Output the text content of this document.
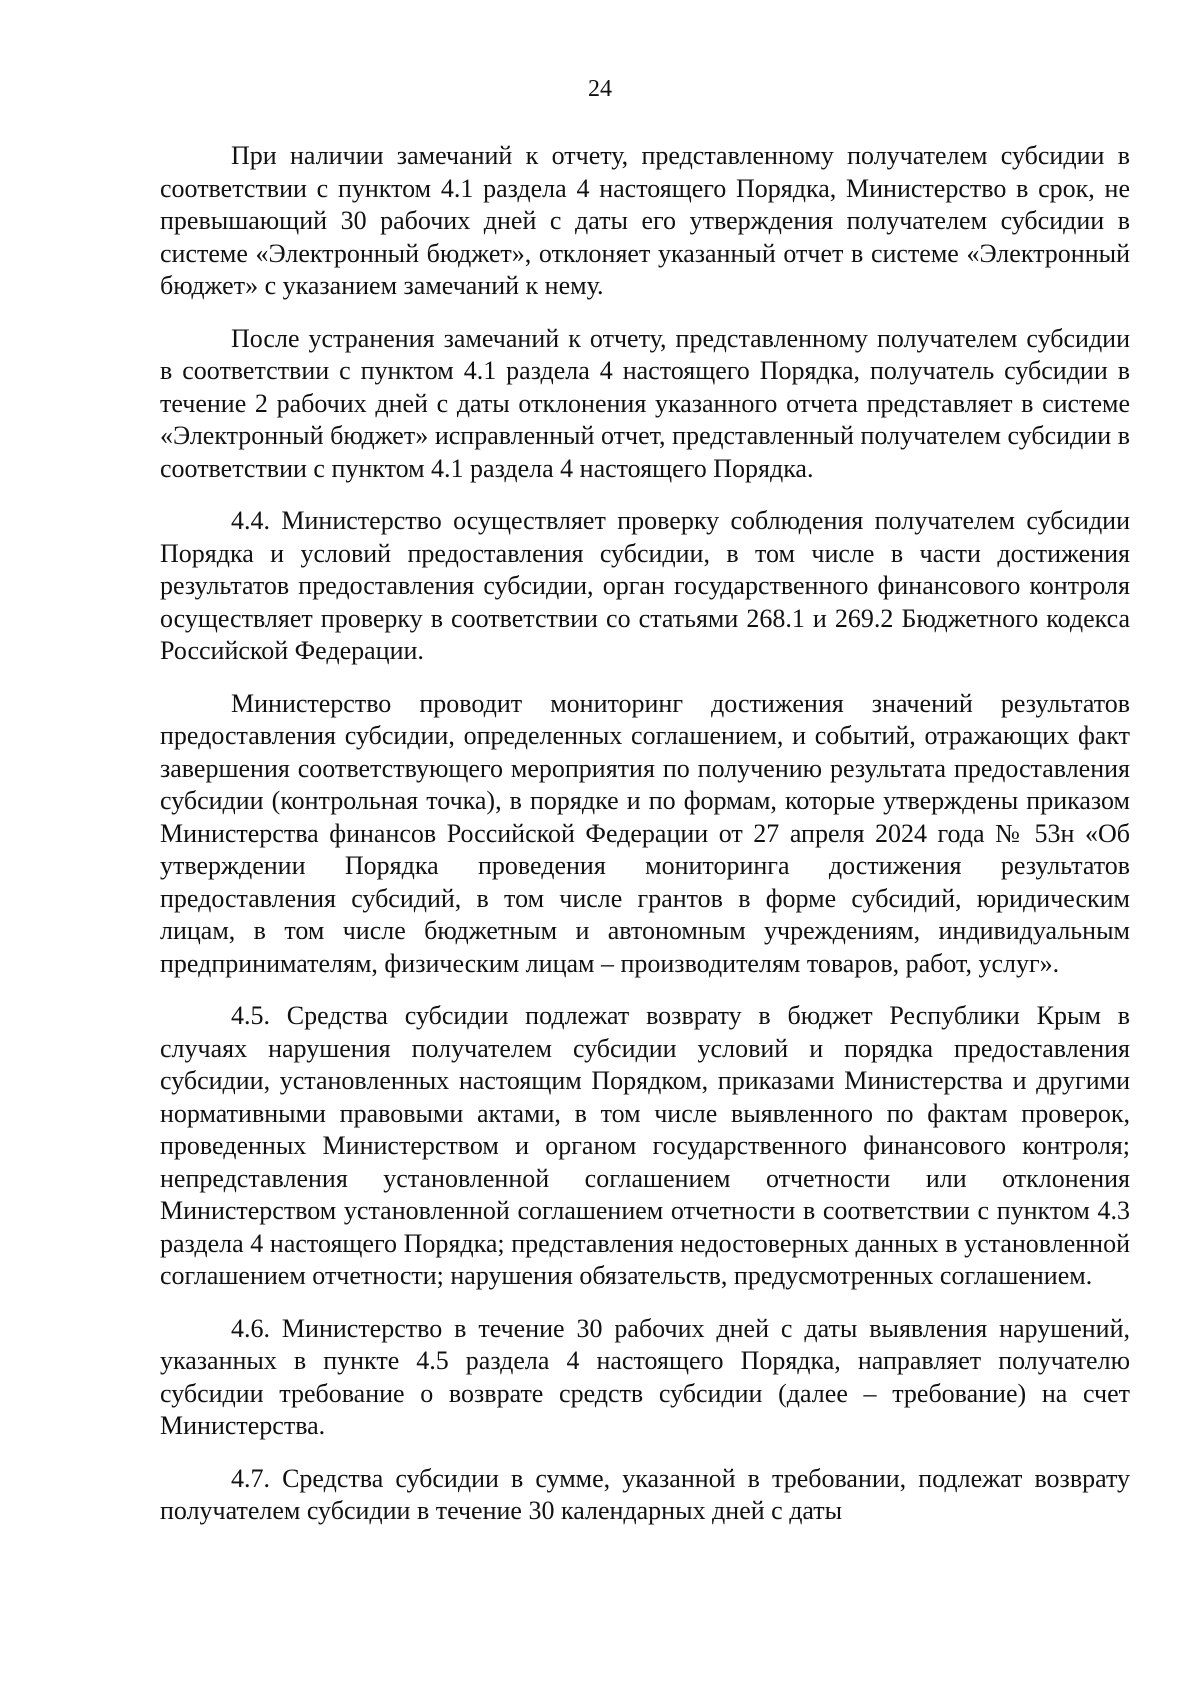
24

При наличии замечаний к отчету, представленному получателем субсидии в соответствии с пунктом 4.1 раздела 4 настоящего Порядка, Министерство в срок, не превышающий 30 рабочих дней с даты его утверждения получателем субсидии в системе «Электронный бюджет», отклоняет указанный отчет в системе «Электронный бюджет» с указанием замечаний к нему.

После устранения замечаний к отчету, представленному получателем субсидии в соответствии с пунктом 4.1 раздела 4 настоящего Порядка, получатель субсидии в течение 2 рабочих дней с даты отклонения указанного отчета представляет в системе «Электронный бюджет» исправленный отчет, представленный получателем субсидии в соответствии с пунктом 4.1 раздела 4 настоящего Порядка.

4.4. Министерство осуществляет проверку соблюдения получателем субсидии Порядка и условий предоставления субсидии, в том числе в части достижения результатов предоставления субсидии, орган государственного финансового контроля осуществляет проверку в соответствии со статьями 268.1 и 269.2 Бюджетного кодекса Российской Федерации.

Министерство проводит мониторинг достижения значений результатов предоставления субсидии, определенных соглашением, и событий, отражающих факт завершения соответствующего мероприятия по получению результата предоставления субсидии (контрольная точка), в порядке и по формам, которые утверждены приказом Министерства финансов Российской Федерации от 27 апреля 2024 года № 53н «Об утверждении Порядка проведения мониторинга достижения результатов предоставления субсидий, в том числе грантов в форме субсидий, юридическим лицам, в том числе бюджетным и автономным учреждениям, индивидуальным предпринимателям, физическим лицам – производителям товаров, работ, услуг».

4.5. Средства субсидии подлежат возврату в бюджет Республики Крым в случаях нарушения получателем субсидии условий и порядка предоставления субсидии, установленных настоящим Порядком, приказами Министерства и другими нормативными правовыми актами, в том числе выявленного по фактам проверок, проведенных Министерством и органом государственного финансового контроля; непредставления установленной соглашением отчетности или отклонения Министерством установленной соглашением отчетности в соответствии с пунктом 4.3 раздела 4 настоящего Порядка; представления недостоверных данных в установленной соглашением отчетности; нарушения обязательств, предусмотренных соглашением.

4.6. Министерство в течение 30 рабочих дней с даты выявления нарушений, указанных в пункте 4.5 раздела 4 настоящего Порядка, направляет получателю субсидии требование о возврате средств субсидии (далее – требование) на счет Министерства.

4.7. Средства субсидии в сумме, указанной в требовании, подлежат возврату получателем субсидии в течение 30 календарных дней с даты
